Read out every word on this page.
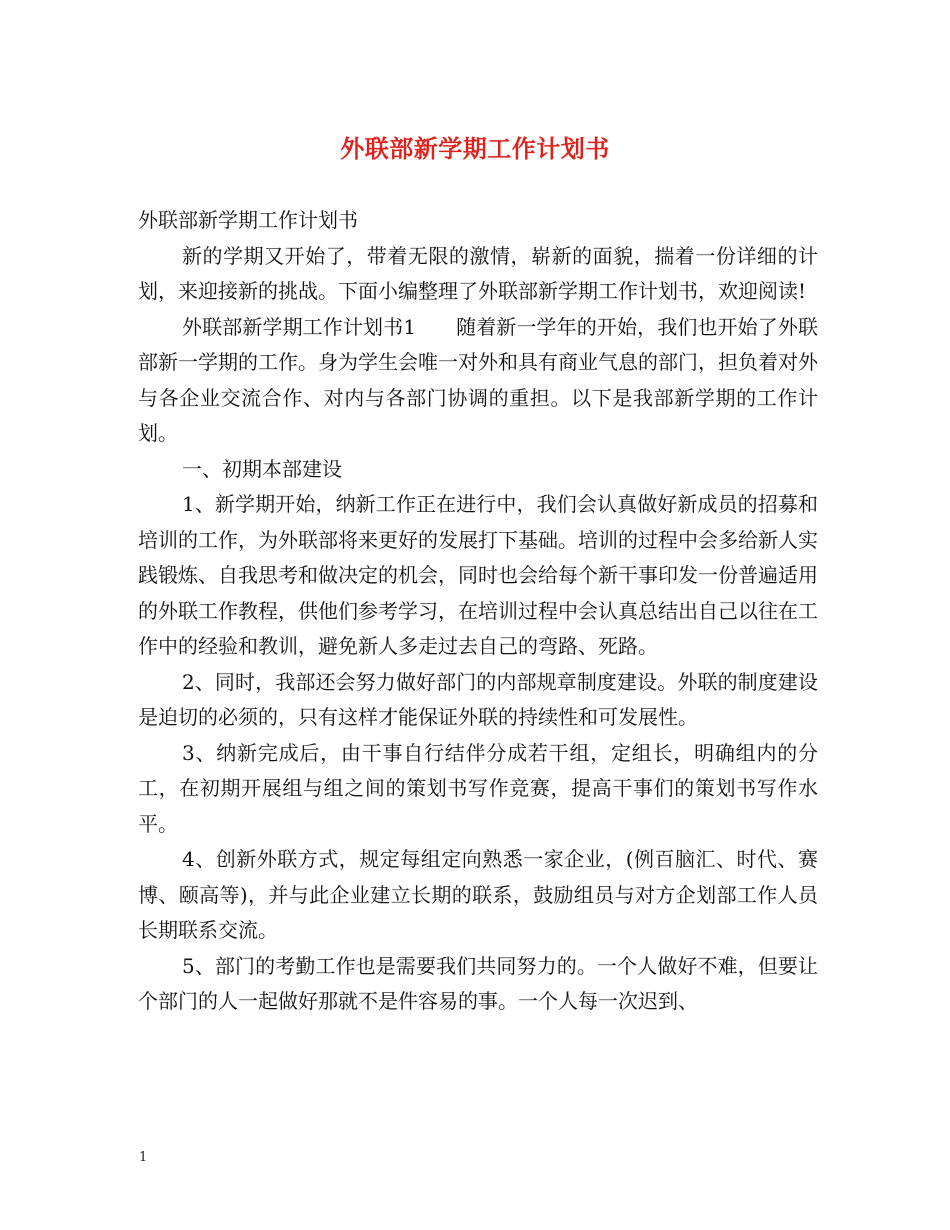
外联部新学期工作计划书

外联部新学期工作计划书

新的学期又开始了，带着无限的激情，崭新的面貌，揣着一份详细的计划，来迎接新的挑战。下面小编整理了外联部新学期工作计划书，欢迎阅读!

外联部新学期工作计划书1 随着新一学年的开始，我们也开始了外联部新一学期的工作。身为学生会唯一对外和具有商业气息的部门，担负着对外与各企业交流合作、对内与各部门协调的重担。以下是我部新学期的工作计划。

一、初期本部建设

1、新学期开始，纳新工作正在进行中，我们会认真做好新成员的招募和培训的工作，为外联部将来更好的发展打下基础。培训的过程中会多给新人实践锻炼、自我思考和做决定的机会，同时也会给每个新干事印发一份普遍适用的外联工作教程，供他们参考学习，在培训过程中会认真总结出自己以往在工作中的经验和教训，避免新人多走过去自己的弯路、死路。

2、同时，我部还会努力做好部门的内部规章制度建设。外联的制度建设是迫切的必须的，只有这样才能保证外联的持续性和可发展性。

3、纳新完成后，由干事自行结伴分成若干组，定组长，明确组内的分工，在初期开展组与组之间的策划书写作竞赛，提高干事们的策划书写作水平。

4、创新外联方式，规定每组定向熟悉一家企业，(例百脑汇、时代、赛博、颐高等)，并与此企业建立长期的联系，鼓励组员与对方企划部工作人员长期联系交流。

5、部门的考勤工作也是需要我们共同努力的。一个人做好不难，但要让个部门的人一起做好那就不是件容易的事。一个人每一次迟到、

1
